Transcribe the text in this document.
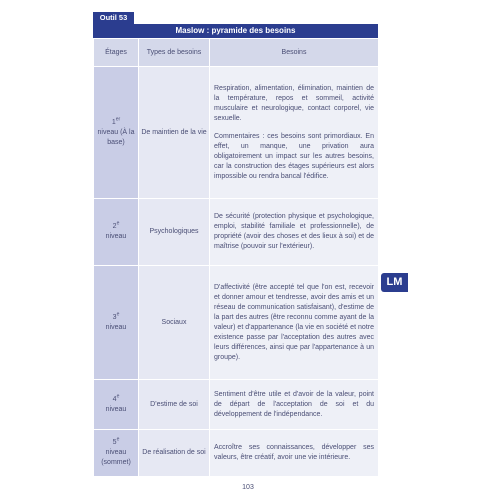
Outil 53
Maslow : pyramide des besoins
Étages	Types de besoins	Besoins
1er
niveau (À la base)	De maintien de la vie	Respiration, alimentation, élimination, maintien de la température, repos et sommeil, activité musculaire et neurologique, contact corporel, vie sexuelle.
Commentaires : ces besoins sont primordiaux. En effet, un manque, une privation aura obligatoirement un impact sur les autres besoins, car la construction des étages supérieurs est alors impossible ou rendra bancal l'édifice.

2e
niveau	Psychologiques	De sécurité (protection physique et psychologique, emploi, stabilité familiale et professionnelle), de propriété (avoir des choses et des lieux à soi) et de maîtrise (pouvoir sur l'extérieur).

3e
niveau	Sociaux	D'affectivité (être accepté tel que l'on est, recevoir et donner amour et tendresse, avoir des amis et un réseau de communication satisfaisant), d'estime de la part des autres (être reconnu comme ayant de la valeur) et d'appartenance (la vie en société et notre existence passe par l'acceptation des autres avec leurs différences, ainsi que par l'appartenance à un groupe).

4e
niveau	D'estime de soi	Sentiment d'être utile et d'avoir de la valeur, point de départ de l'acceptation de soi et du développement de l'indépendance.

5e
niveau (sommet)	De réalisation de soi	Accroître ses connaissances, développer ses valeurs, être créatif, avoir une vie intérieure.
LM
103
